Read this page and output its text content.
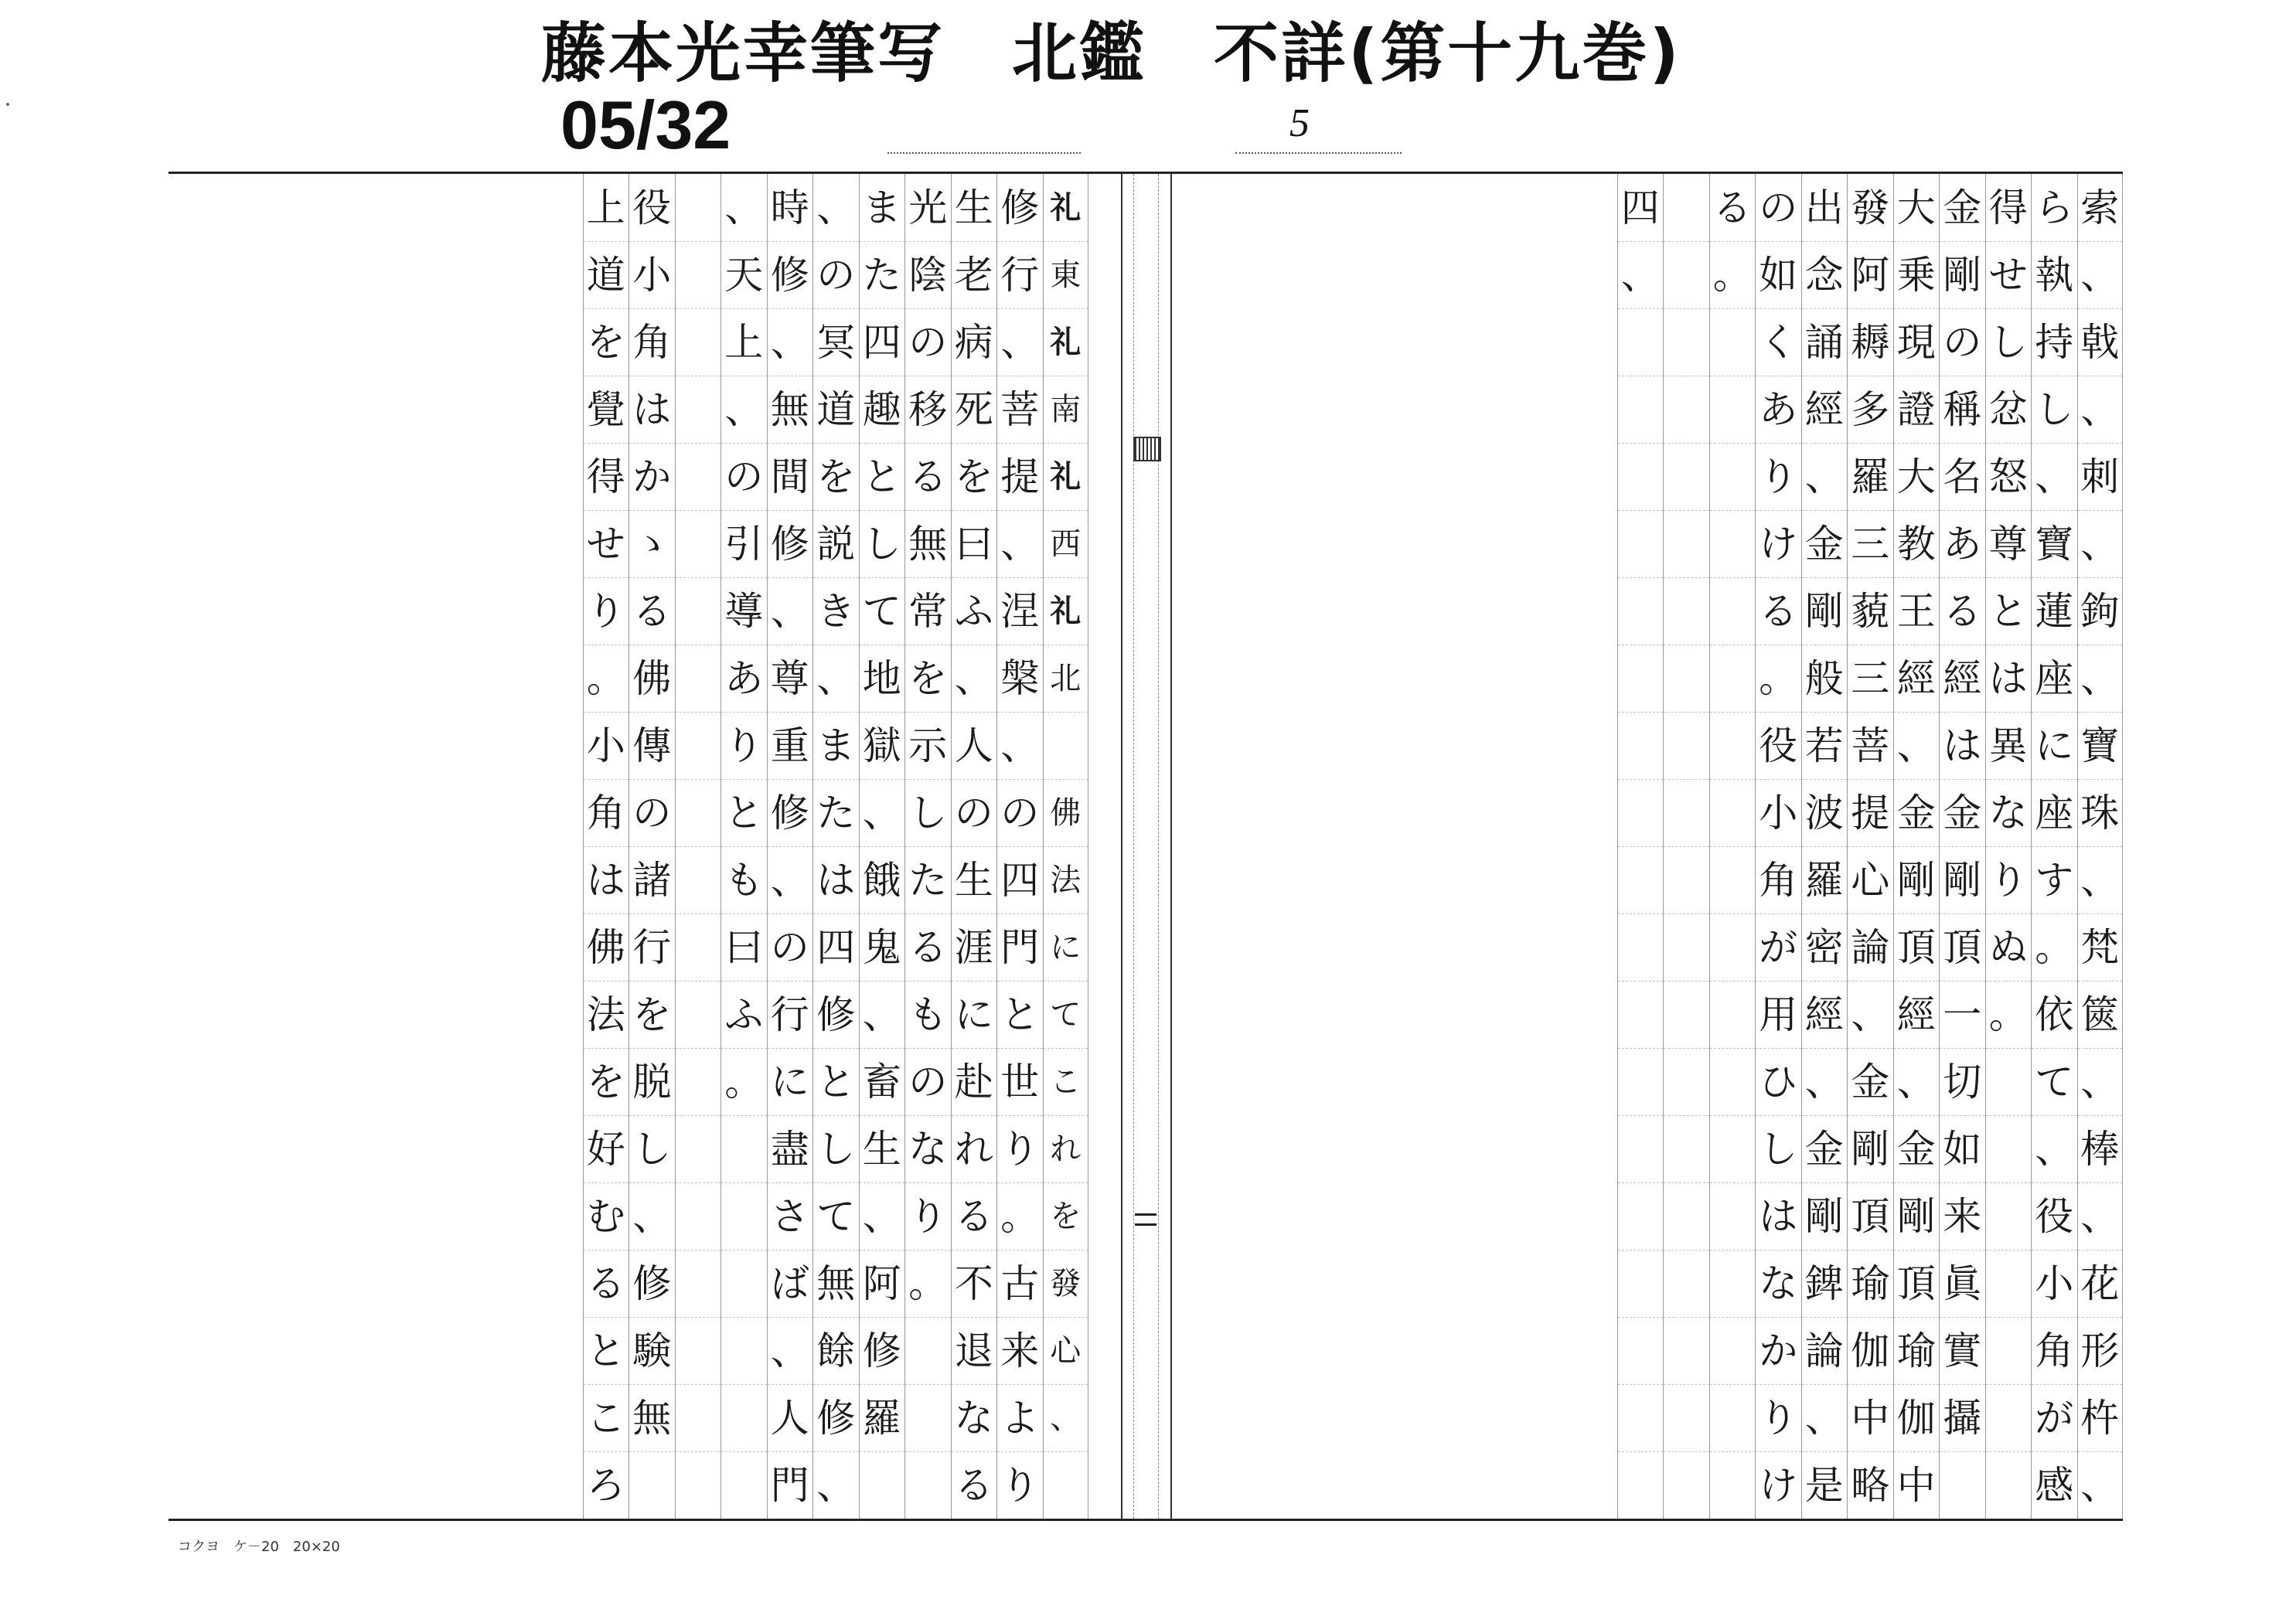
藤本光幸筆写　北鑑　不詳(第十九巻)
05/32	5
索
、
戟
、
刺
、
鉤
、
寶
珠
、
梵
篋
、
棒
、
花
形
杵
、
ら
執
持
し
、
寶
蓮
座
に
座
す
。
依
て
、
役
小
角
が
感
得
せ
し
忿
怒
尊
と
は
異
な
り
ぬ
。
金
剛
の
稱
名
あ
る
經
は
金
剛
頂
一
切
如
来
眞
實
攝
大
乗
現
證
大
教
王
經
、
金
剛
頂
經
、
金
剛
頂
瑜
伽
中
發
阿
耨
多
羅
三
藐
三
菩
提
心
論
、
金
剛
頂
瑜
伽
中
略
出
念
誦
經
、
金
剛
般
若
波
羅
密
經
、
金
剛
錍
論
、
是
の
如
く
あ
り
け
る
。
役
小
角
が
用
ひ
し
は
な
か
り
け
る
。
四
、
礼
東
礼
南
礼
西
礼
北
佛
法
に
て
こ
れ
を
發
心
、
修
行
、
菩
提
、
涅
槃
、
の
四
門
と
世
り
。
古
来
よ
り
生
老
病
死
を
曰
ふ
、
人
の
生
涯
に
赴
れ
る
不
退
な
る
光
陰
の
移
る
無
常
を
示
し
た
る
も
の
な
り
。
ま
た
四
趣
と
し
て
地
獄
、
餓
鬼
、
畜
生
、
阿
修
羅
、
の
冥
道
を
説
き
、
ま
た
は
四
修
と
し
て
無
餘
修
、
時
修
、
無
間
修
、
尊
重
修
、
の
行
に
盡
さ
ば
、
人
門
、
天
上
、
の
引
導
あ
り
と
も
曰
ふ
。
役
小
角
は
か
ゝ
る
佛
傳
の
諸
行
を
脱
し
、
修
験
無
上
道
を
覺
得
せ
り
。
小
角
は
佛
法
を
好
む
る
と
こ
ろ
コクヨ　ケ－20　20×20
